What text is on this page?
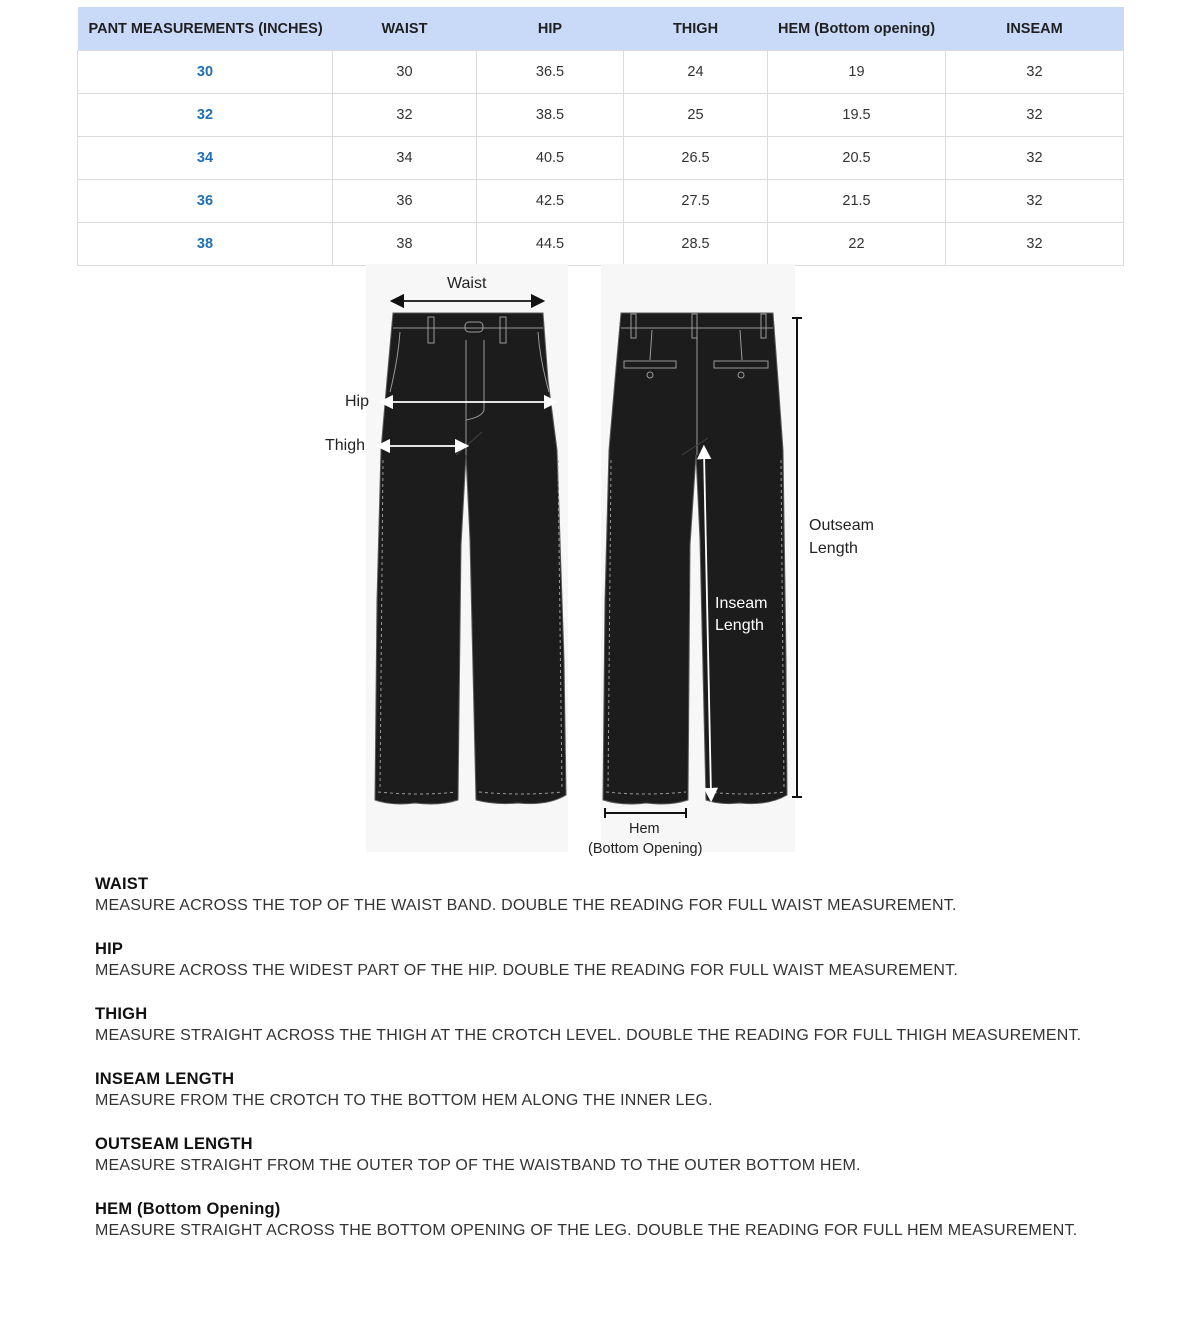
PANT MEASUREMENTS (INCHES)	WAIST	HIP	THIGH	HEM (Bottom opening)	INSEAM
30	30	36.5	24	19	32
32	32	38.5	25	19.5	32
34	34	40.5	26.5	20.5	32
36	36	42.5	27.5	21.5	32
38	38	44.5	28.5	22	32
Waist
Hip
Thigh
Outseam
Length
Inseam
Length
Hem
(Bottom Opening)
WAIST
MEASURE ACROSS THE TOP OF THE WAIST BAND. DOUBLE THE READING FOR FULL WAIST MEASUREMENT.
HIP
MEASURE ACROSS THE WIDEST PART OF THE HIP. DOUBLE THE READING FOR FULL WAIST MEASUREMENT.
THIGH
MEASURE STRAIGHT ACROSS THE THIGH AT THE CROTCH LEVEL. DOUBLE THE READING FOR FULL THIGH MEASUREMENT.
INSEAM LENGTH
MEASURE FROM THE CROTCH TO THE BOTTOM HEM ALONG THE INNER LEG.
OUTSEAM LENGTH
MEASURE STRAIGHT FROM THE OUTER TOP OF THE WAISTBAND TO THE OUTER BOTTOM HEM.
HEM (Bottom Opening)
MEASURE STRAIGHT ACROSS THE BOTTOM OPENING OF THE LEG. DOUBLE THE READING FOR FULL HEM MEASUREMENT.
